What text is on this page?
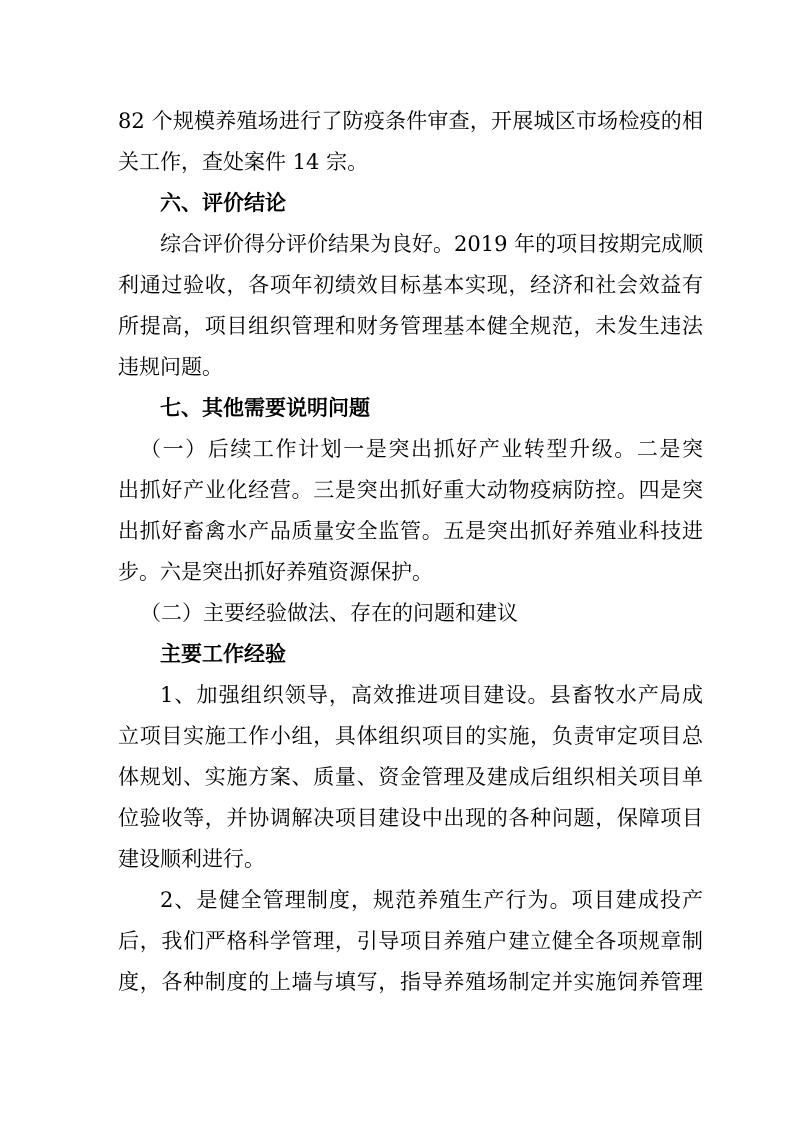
82 个规模养殖场进行了防疫条件审查，开展城区市场检疫的相
关工作，查处案件 14 宗。
六、评价结论
综合评价得分评价结果为良好。2019 年的项目按期完成顺
利通过验收，各项年初绩效目标基本实现，经济和社会效益有
所提高，项目组织管理和财务管理基本健全规范，未发生违法
违规问题。
七、其他需要说明问题
（一）后续工作计划一是突出抓好产业转型升级。二是突
出抓好产业化经营。三是突出抓好重大动物疫病防控。四是突
出抓好畜禽水产品质量安全监管。五是突出抓好养殖业科技进
步。六是突出抓好养殖资源保护。
（二）主要经验做法、存在的问题和建议
主要工作经验
1、加强组织领导，高效推进项目建设。县畜牧水产局成
立项目实施工作小组，具体组织项目的实施，负责审定项目总
体规划、实施方案、质量、资金管理及建成后组织相关项目单
位验收等，并协调解决项目建设中出现的各种问题，保障项目
建设顺利进行。
2、是健全管理制度，规范养殖生产行为。项目建成投产
后，我们严格科学管理，引导项目养殖户建立健全各项规章制
度，各种制度的上墙与填写，指导养殖场制定并实施饲养管理
